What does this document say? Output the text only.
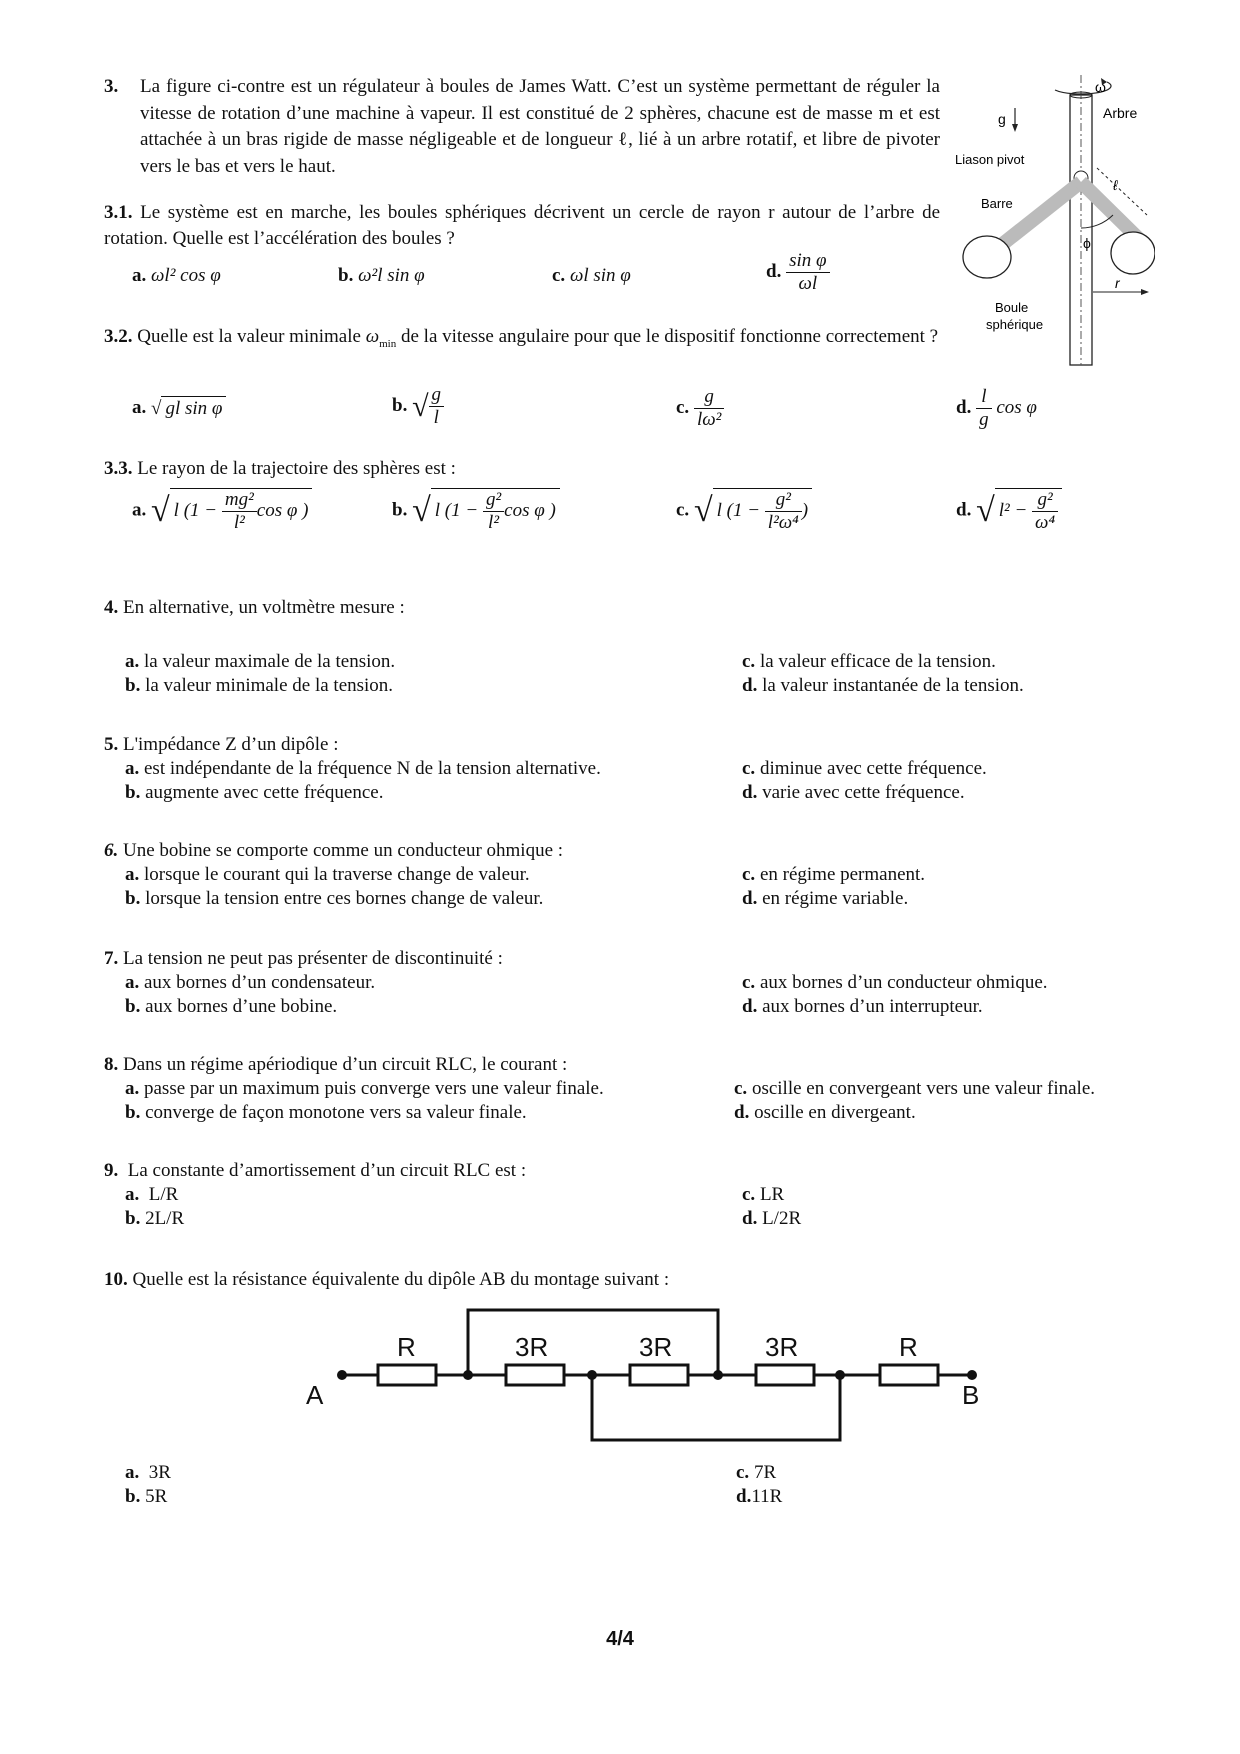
3. La figure ci-contre est un régulateur à boules de James Watt. C’est un système permettant de réguler la vitesse de rotation d’une machine à vapeur. Il est constitué de 2 sphères, chacune est de masse m et est attachée à un bras rigide de masse négligeable et de longueur ℓ, lié à un arbre rotatif, et libre de pivoter vers le bas et vers le haut.
ω
Arbre
g
Liason pivot
Barre
ℓ
ϕ
r
Boule
sphérique
3.1. Le système est en marche, les boules sphériques décrivent un cercle de rayon r autour de l’arbre de rotation. Quelle est l’accélération des boules ?
a. ωl² cos φ	b. ω²l sin φ	c. ωl sin φ	d. $\frac{\text{sin φ}}{\omega l}$
3.2. Quelle est la valeur minimale $\omega_{min}$ de la vitesse angulaire pour que le dispositif fonctionne correctement ?
a. √ gl sin φ	b. √ $\frac{g}{l}$	c. $\frac{g}{\text{lω²}}$	d. $\frac{l}{g}$ cos φ
3.3. Le rayon de la trajectoire des sphères est :
a. √ l ($1 - \frac{\text{mg²}}{\text{l²}}$ cos φ )	b. √ l ($1 - \frac{\text{g²}}{\text{l²}}$ cos φ )	c. √ l ($1 - \frac{\text{g²}}{\text{l²ω⁴}}$ )	d. √ $l^2 - \frac{\text{g²}}{\text{ω⁴}}$
4. En alternative, un voltmètre mesure :
a. la valeur maximale de la tension.
b. la valeur minimale de la tension.
c. la valeur efficace de la tension.
d. la valeur instantanée de la tension.
5. L'impédance Z d’un dipôle :
a. est indépendante de la fréquence N de la tension alternative.
b. augmente avec cette fréquence.
c. diminue avec cette fréquence.
d. varie avec cette fréquence.
6. Une bobine se comporte comme un conducteur ohmique :
a. lorsque le courant qui la traverse change de valeur.
b. lorsque la tension entre ces bornes change de valeur.
c. en régime permanent.
d. en régime variable.
7. La tension ne peut pas présenter de discontinuité :
a. aux bornes d’un condensateur.
b. aux bornes d’une bobine.
c. aux bornes d’un conducteur ohmique.
d. aux bornes d’un interrupteur.
8. Dans un régime apériodique d’un circuit RLC, le courant :
a. passe par un maximum puis converge vers une valeur finale.
b. converge de façon monotone vers sa valeur finale.
c. oscille en convergeant vers une valeur finale.
d. oscille en divergeant.
9. La constante d’amortissement d’un circuit RLC est :
a. L/R
b. 2L/R
c. LR
d. L/2R
10. Quelle est la résistance équivalente du dipôle AB du montage suivant :
R	3R	3R	3R	R
A	B
a. 3R
b. 5R
c. 7R
d.11R
4/4
